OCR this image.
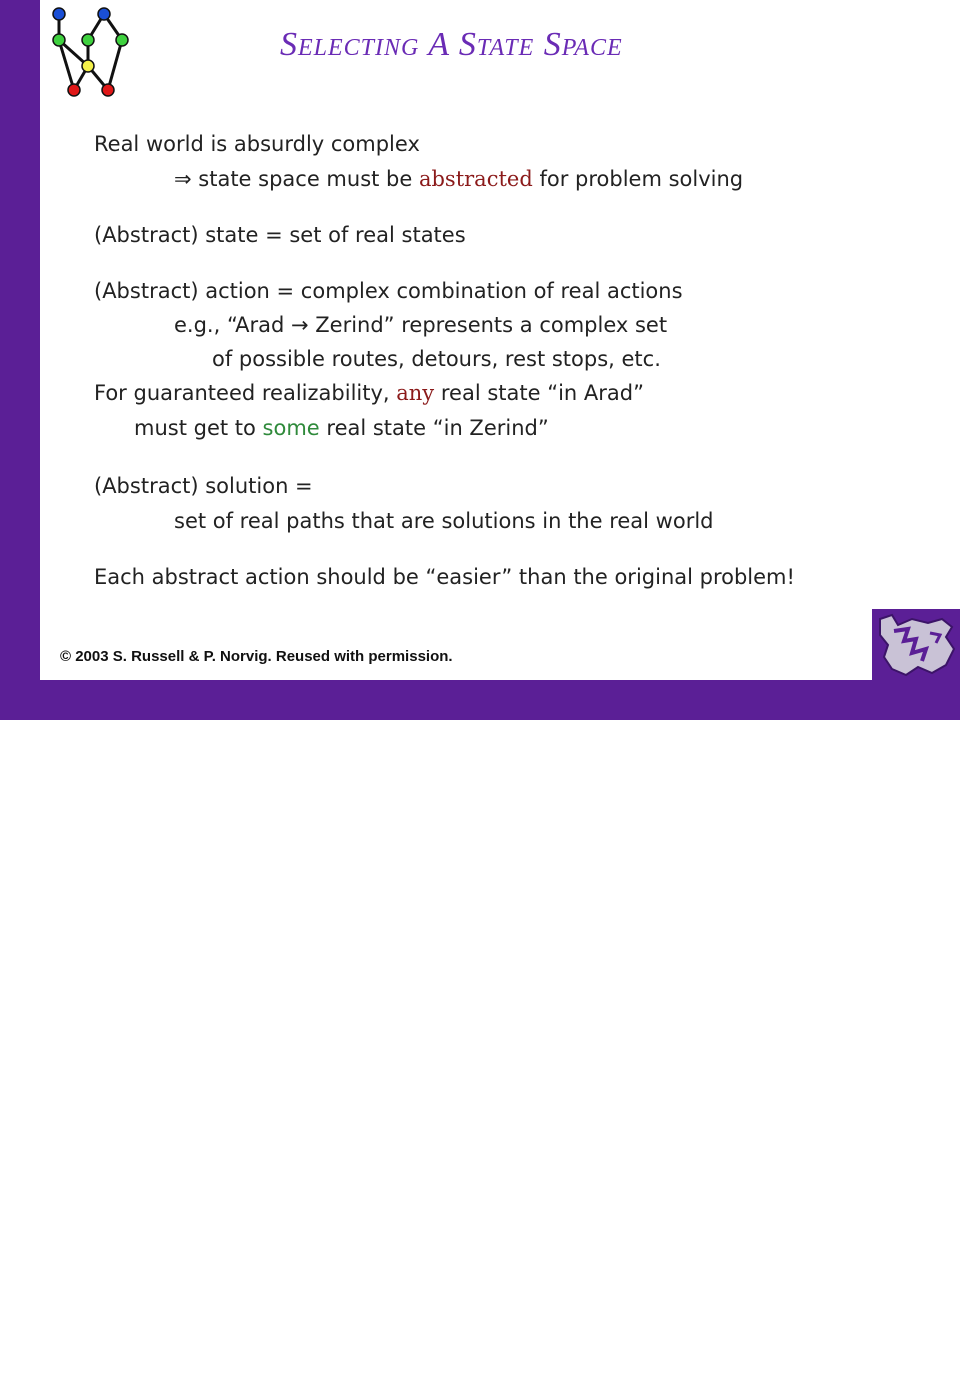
Selecting A State Space
Real world is absurdly complex
⇒ state space must be abstracted for problem solving
(Abstract) state = set of real states
(Abstract) action = complex combination of real actions
e.g., “Arad → Zerind” represents a complex set
of possible routes, detours, rest stops, etc.
For guaranteed realizability, any real state “in Arad”
must get to some real state “in Zerind”
(Abstract) solution =
set of real paths that are solutions in the real world
Each abstract action should be “easier” than the original problem!
© 2003 S. Russell & P. Norvig. Reused with permission.
CIS 530 / 730
Artificial Intelligence
Lecture 4 of 42	Computing & Information Sciences
Kansas State University
